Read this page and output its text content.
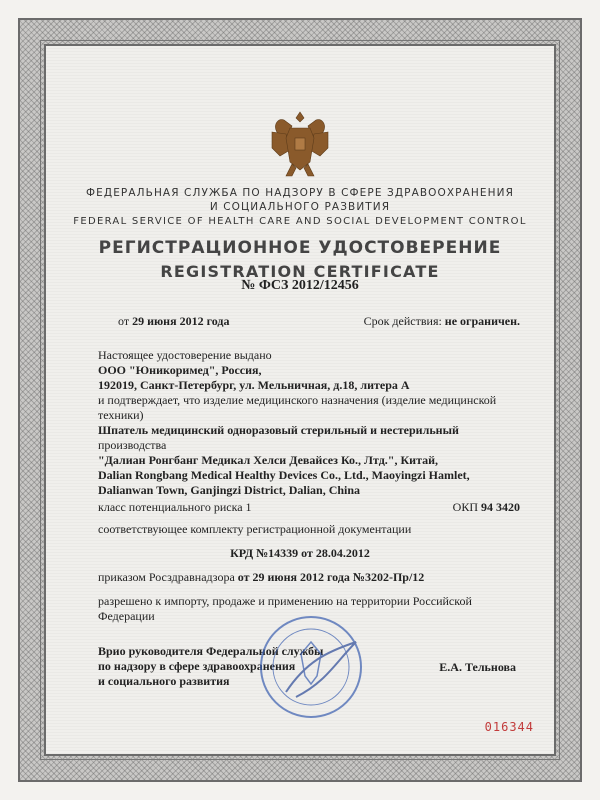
ФЕДЕРАЛЬНАЯ СЛУЖБА ПО НАДЗОРУ В СФЕРЕ ЗДРАВООХРАНЕНИЯ
И СОЦИАЛЬНОГО РАЗВИТИЯ
FEDERAL SERVICE OF HEALTH CARE AND SOCIAL DEVELOPMENT CONTROL
РЕГИСТРАЦИОННОЕ УДОСТОВЕРЕНИЕ
REGISTRATION CERTIFICATE
№ ФСЗ 2012/12456
от 29 июня 2012 года	Срок действия: не ограничен.
Настоящее удостоверение выдано
ООО "Юникоримед", Россия,
192019, Санкт-Петербург, ул. Мельничная, д.18, литера А
и подтверждает, что изделие медицинского назначения (изделие медицинской
техники)
Шпатель медицинский одноразовый стерильный и нестерильный
производства
"Далиан Ронгбанг Медикал Хелси Девайсез Ко., Лтд.", Китай,
Dalian Rongbang Medical Healthy Devices Co., Ltd., Maoyingzi Hamlet,
Dalianwan Town, Ganjingzi District, Dalian, China
класс потенциального риска 1	ОКП 94 3420
соответствующее комплекту регистрационной документации
КРД №14339 от 28.04.2012
приказом Росздравнадзора от 29 июня 2012 года №3202-Пр/12
разрешено к импорту, продаже и применению на территории Российской
Федерации
Врио руководителя Федеральной службы
по надзору в сфере здравоохранения
и социального развития
Е.А. Тельнова
016344
